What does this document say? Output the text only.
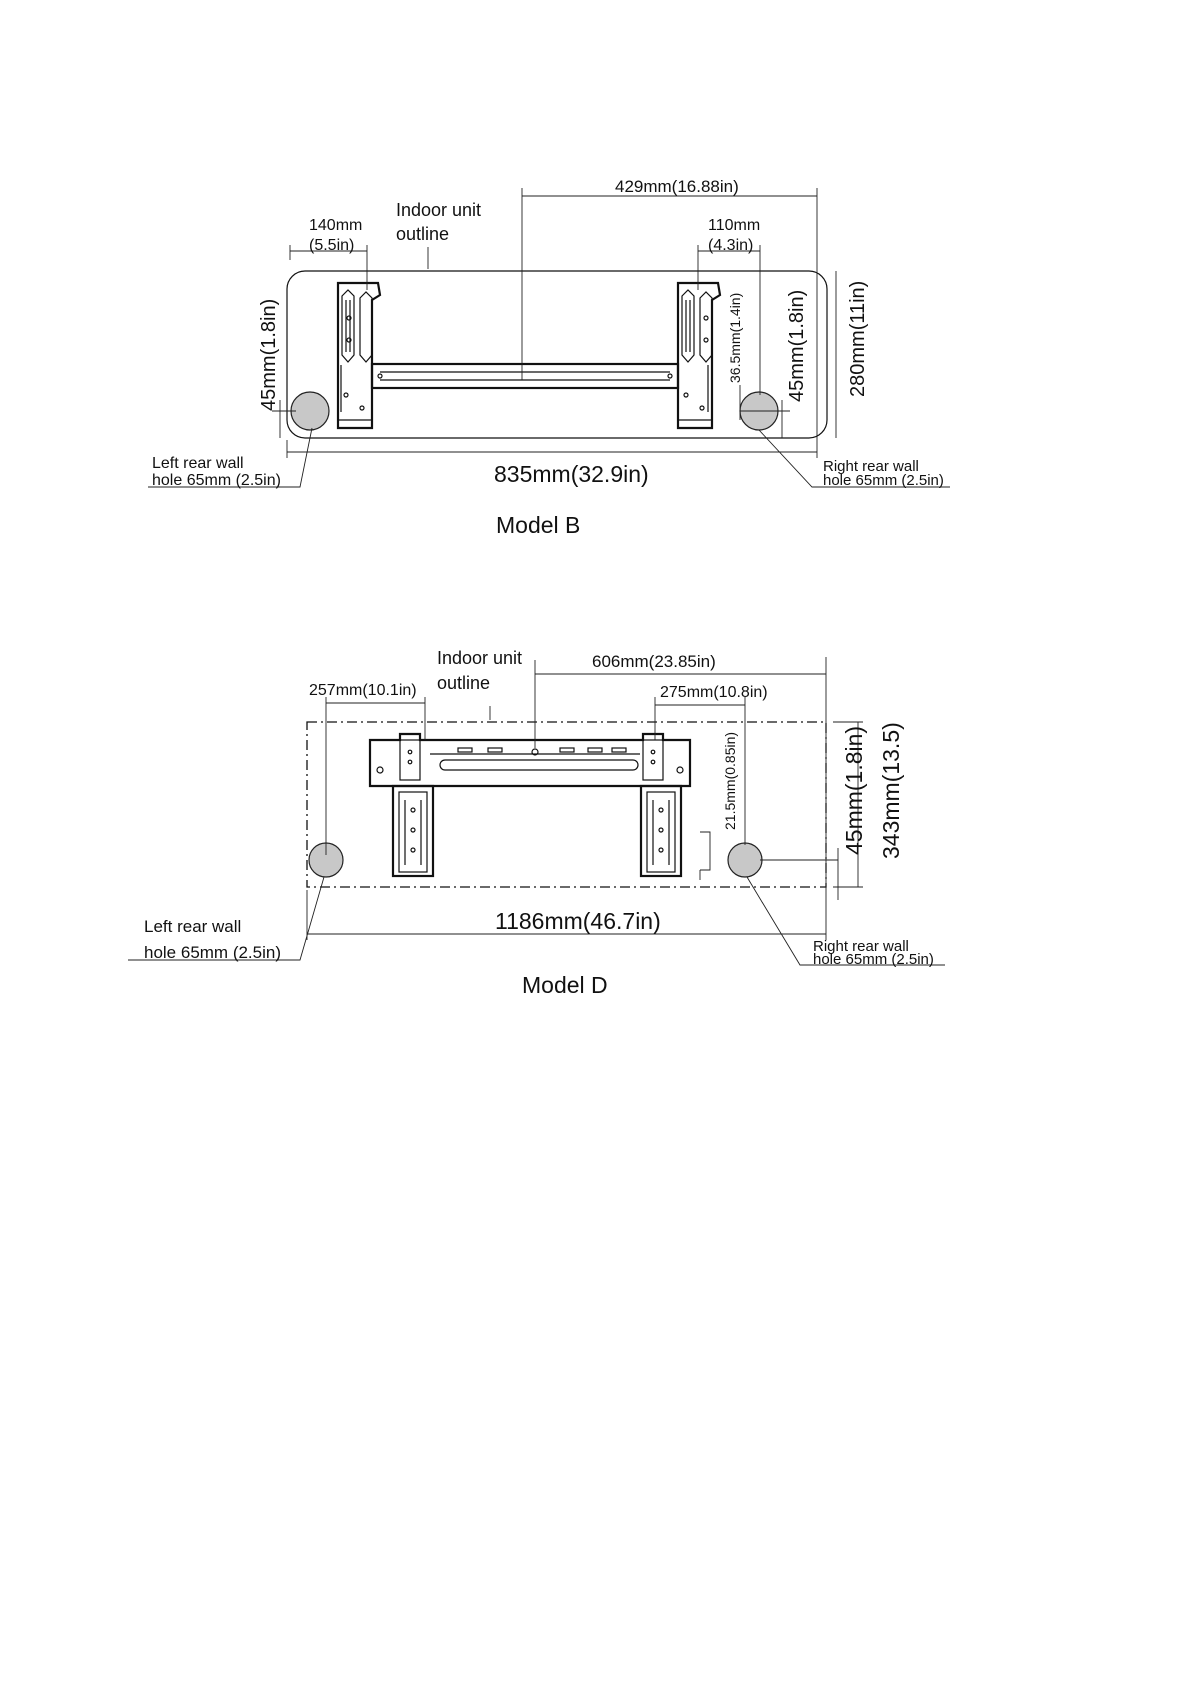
Indoor unit
outline
429mm(16.88in)
140mm
(5.5in)
110mm
(4.3in)
835mm(32.9in)
280mm(11in)
45mm(1.8in)	45mm(1.8in)
36.5mm(1.4in)
Left rear wall
hole 65mm (2.5in)
Right rear wall
hole 65mm (2.5in)
Model B
Indoor unit
outline
606mm(23.85in)
257mm(10.1in)	275mm(10.8in)
1186mm(46.7in)
343mm(13.5)
45mm(1.8in)
21.5mm(0.85in)
Left rear wall
hole 65mm (2.5in)	Right rear wall
hole 65mm (2.5in)
Model D
